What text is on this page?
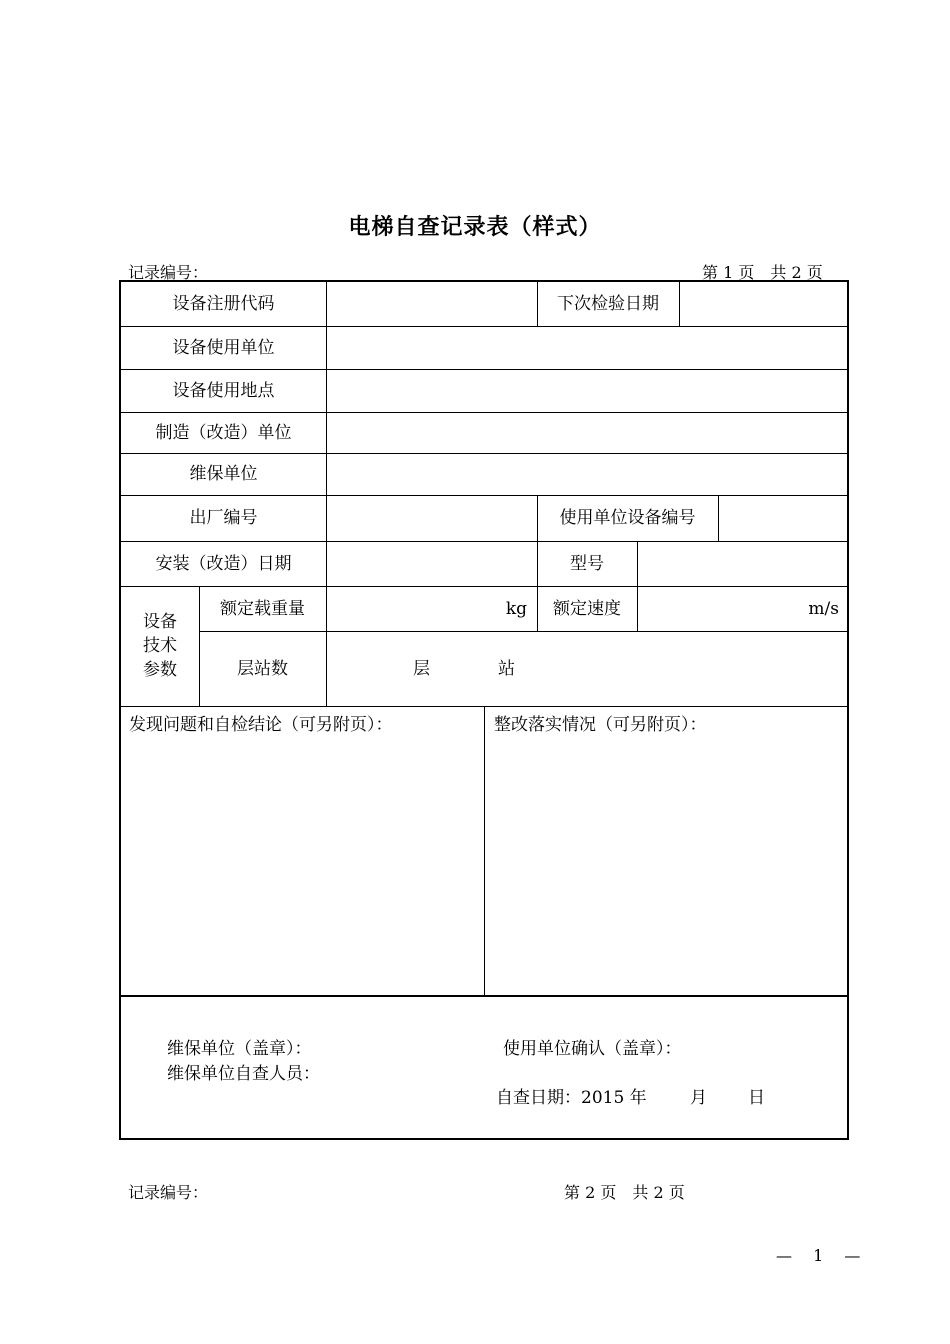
电梯自查记录表（样式）
记录编号：	第 1 页　共 2 页
设备注册代码	下次检验日期
设备使用单位
设备使用地点
制造（改造）单位
维保单位
出厂编号	使用单位设备编号
安装（改造）日期	型号
设备
技术
参数
额定载重量	kg	额定速度	m/s
层站数	层	站
发现问题和自检结论（可另附页）：	整改落实情况（可另附页）：
维保单位（盖章）：
维保单位自查人员：
使用单位确认（盖章）：
自查日期：2015 年	月 日
记录编号：	第 2 页　共 2 页
— 1 —
